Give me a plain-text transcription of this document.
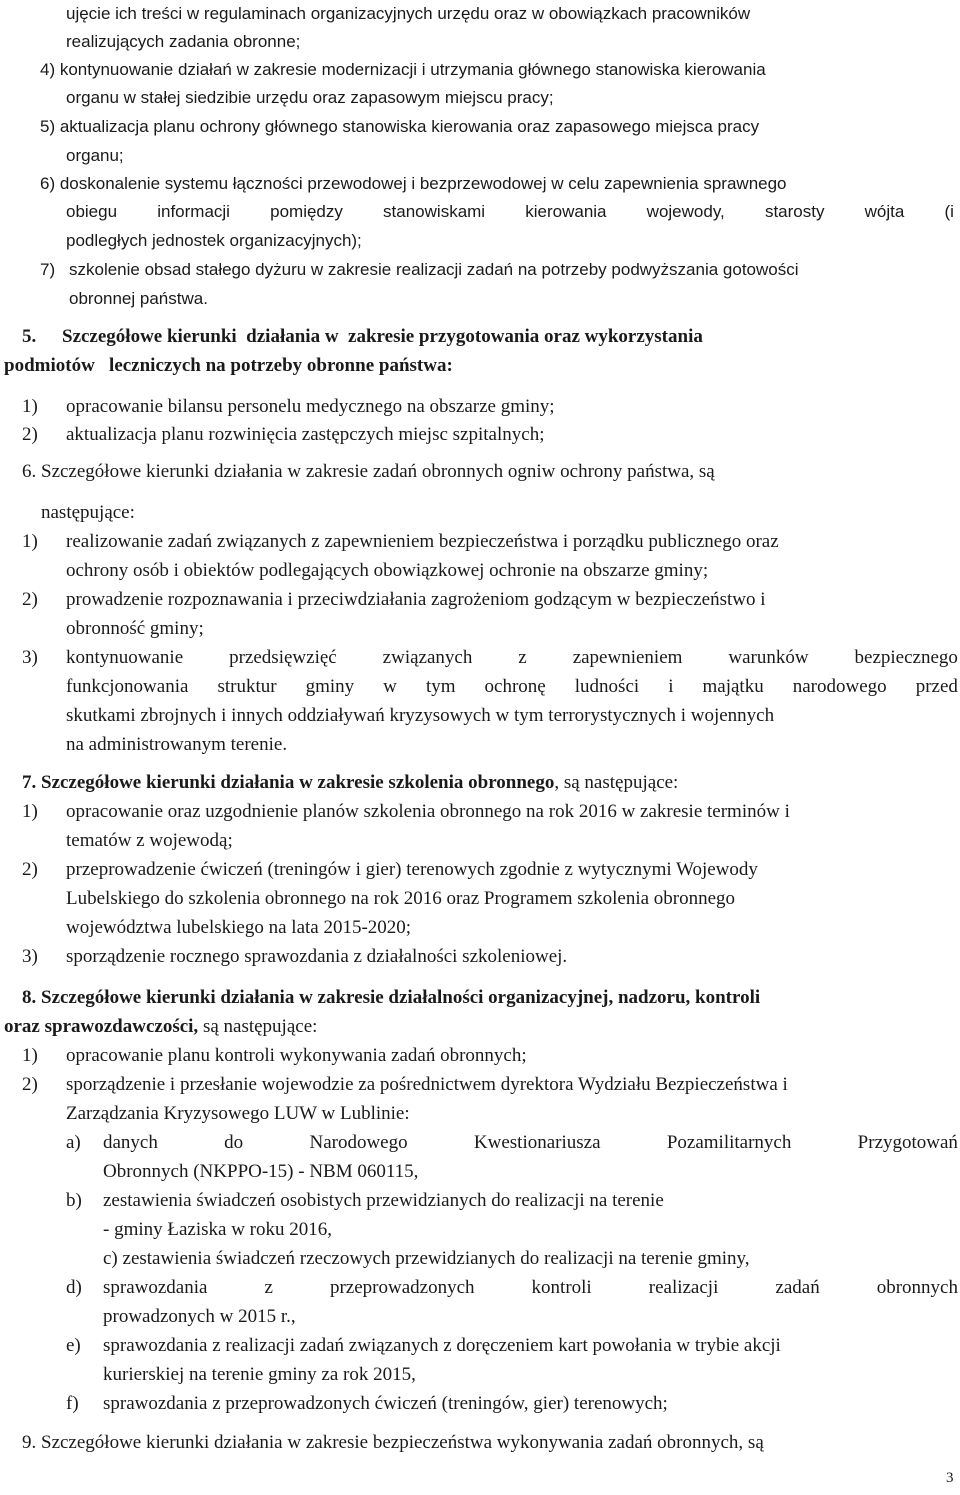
ujęcie ich treści w regulaminach organizacyjnych urzędu oraz w obowiązkach pracowników
realizujących zadania obronne;
4) kontynuowanie działań w zakresie modernizacji i utrzymania głównego stanowiska kierowania
organu w stałej siedzibie urzędu oraz zapasowym miejscu pracy;
5) aktualizacja planu ochrony głównego stanowiska kierowania oraz zapasowego miejsca pracy
organu;
6) doskonalenie systemu łączności przewodowej i bezprzewodowej w celu zapewnienia sprawnego
obiegu informacji pomiędzy stanowiskami kierowania wojewody, starosty wójta (i
podległych jednostek organizacyjnych);
7) szkolenie obsad stałego dyżuru w zakresie realizacji zadań na potrzeby podwyższania gotowości
obronnej państwa.
5. Szczegółowe kierunki  działania w  zakresie przygotowania oraz wykorzystania
podmiotów   leczniczych na potrzeby obronne państwa:
1) opracowanie bilansu personelu medycznego na obszarze gminy;
2) aktualizacja planu rozwinięcia zastępczych miejsc szpitalnych;
6. Szczegółowe kierunki działania w zakresie zadań obronnych ogniw ochrony państwa, są
następujące:
1) realizowanie zadań związanych z zapewnieniem bezpieczeństwa i porządku publicznego oraz
ochrony osób i obiektów podlegających obowiązkowej ochronie na obszarze gminy;
2) prowadzenie rozpoznawania i przeciwdziałania zagrożeniom godzącym w bezpieczeństwo i
obronność gminy;
3) kontynuowanie przedsięwzięć związanych z zapewnieniem warunków bezpiecznego
funkcjonowania struktur gminy w tym ochronę ludności i majątku narodowego przed
skutkami zbrojnych i innych oddziaływań kryzysowych w tym terrorystycznych i wojennych
na administrowanym terenie.
7. Szczegółowe kierunki działania w zakresie szkolenia obronnego, są następujące:
1) opracowanie oraz uzgodnienie planów szkolenia obronnego na rok 2016 w zakresie terminów i
tematów z wojewodą;
2) przeprowadzenie ćwiczeń (treningów i gier) terenowych zgodnie z wytycznymi Wojewody
Lubelskiego do szkolenia obronnego na rok 2016 oraz Programem szkolenia obronnego
województwa lubelskiego na lata 2015-2020;
3) sporządzenie rocznego sprawozdania z działalności szkoleniowej.
8. Szczegółowe kierunki działania w zakresie działalności organizacyjnej, nadzoru, kontroli
oraz sprawozdawczości, są następujące:
1) opracowanie planu kontroli wykonywania zadań obronnych;
2) sporządzenie i przesłanie wojewodzie za pośrednictwem dyrektora Wydziału Bezpieczeństwa i
Zarządzania Kryzysowego LUW w Lublinie:
a) danych	do	Narodowego	Kwestionariusza	Pozamilitarnych	Przygotowań
Obronnych (NKPPO-15) - NBM 060115,
b) zestawienia świadczeń osobistych przewidzianych do realizacji na terenie
- gminy Łaziska w roku 2016,
c) zestawienia świadczeń rzeczowych przewidzianych do realizacji na terenie gminy,
d) sprawozdania	z	przeprowadzonych	kontroli	realizacji	zadań	obronnych
prowadzonych w 2015 r.,
e) sprawozdania z realizacji zadań związanych z doręczeniem kart powołania w trybie akcji
kurierskiej na terenie gminy za rok 2015,
f) sprawozdania z przeprowadzonych ćwiczeń (treningów, gier) terenowych;
9. Szczegółowe kierunki działania w zakresie bezpieczeństwa wykonywania zadań obronnych, są
3
